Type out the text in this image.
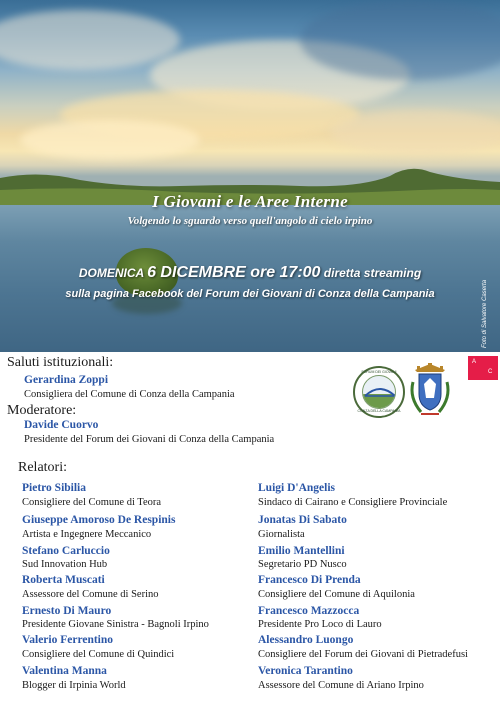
I Giovani e le Aree Interne
Volgendo lo sguardo verso quell'angolo di cielo irpino
DOMENICA 6 DICEMBRE ore 17:00 diretta streaming
sulla pagina Facebook del Forum dei Giovani di Conza della Campania	Foto di Salvatore Caserta
FORUM DEI GIOVANI
CONZA DELLA CAMPANIA
A
C
Saluti istituzionali:
Gerardina Zoppi
Consigliera del Comune di Conza della Campania
Moderatore:
Davide Cuorvo
Presidente del Forum dei Giovani di Conza della Campania
Relatori:
Pietro Sibilia
Consigliere del Comune di Teora
Giuseppe Amoroso De Respinis
Artista e Ingegnere Meccanico
Stefano Carluccio
Sud Innovation Hub
Roberta Muscati
Assessore del Comune di Serino
Ernesto Di Mauro
Presidente Giovane Sinistra - Bagnoli Irpino
Valerio Ferrentino
Consigliere del Comune di Quindici
Valentina Manna
Blogger di Irpinia World
Luigi D'Angelis
Sindaco di Cairano e Consigliere Provinciale
Jonatas Di Sabato
Giornalista
Emilio Mantellini
Segretario PD Nusco
Francesco Di Prenda
Consigliere del Comune di Aquilonia
Francesco Mazzocca
Presidente Pro Loco di Lauro
Alessandro Luongo
Consigliere del Forum dei Giovani di Pietradefusi
Veronica Tarantino
Assessore del Comune di Ariano Irpino
